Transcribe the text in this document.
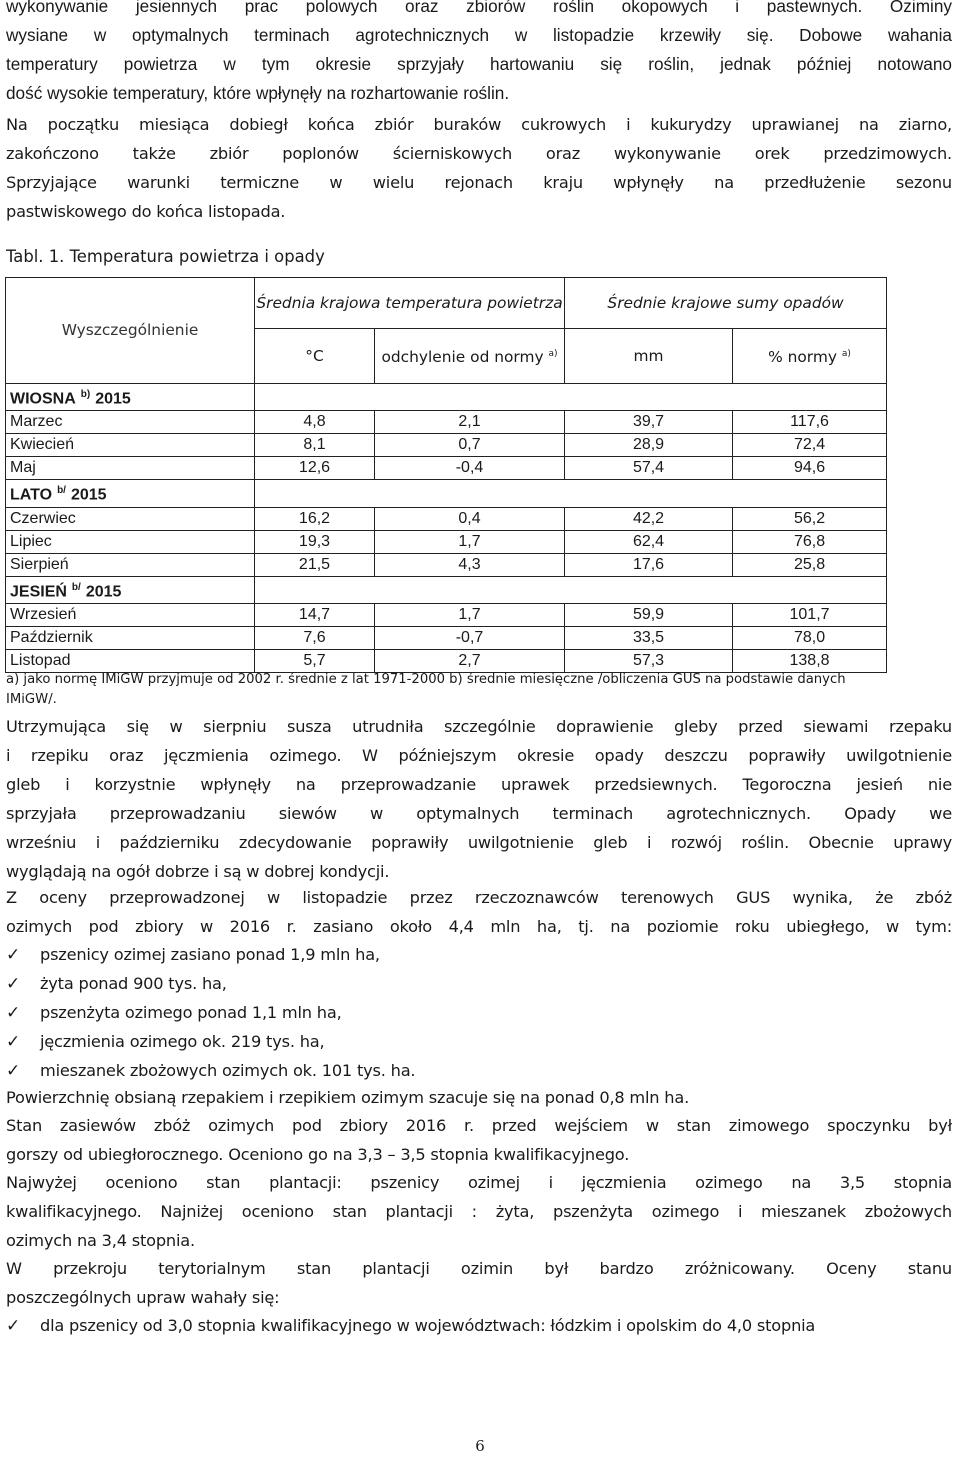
wykonywanie jesiennych prac polowych oraz zbiorów roślin okopowych i pastewnych. Oziminy
wysiane w optymalnych terminach agrotechnicznych w listopadzie krzewiły się. Dobowe wahania
temperatury powietrza w tym okresie sprzyjały hartowaniu się roślin, jednak później notowano
dość wysokie temperatury, które wpłynęły na rozhartowanie roślin.
Na początku miesiąca dobiegł końca zbiór buraków cukrowych i kukurydzy uprawianej na ziarno,
zakończono także zbiór poplonów ścierniskowych oraz wykonywanie orek przedzimowych.
Sprzyjające warunki termiczne w wielu rejonach kraju wpłynęły na przedłużenie sezonu
pastwiskowego do końca listopada.
Tabl. 1. Temperatura powietrza i opady
Wyszczególnienie	Średnia krajowa temperatura powietrza		Średnie krajowe sumy opadów	
	°C	odchylenie od normy $^{a)}$	mm	% normy $^{a)}$
WIOSNA $^{b)}$ 2015				
Marzec	4,8	2,1	39,7	117,6
Kwiecień	8,1	0,7	28,9	72,4
Maj	12,6	-0,4	57,4	94,6
LATO $^{b/}$ 2015				
Czerwiec	16,2	0,4	42,2	56,2
Lipiec	19,3	1,7	62,4	76,8
Sierpień	21,5	4,3	17,6	25,8
JESIEŃ $^{b/}$ 2015				
Wrzesień	14,7	1,7	59,9	101,7
Październik	7,6	-0,7	33,5	78,0
Listopad	5,7	2,7	57,3	138,8
a) jako normę IMiGW przyjmuje od 2002 r. średnie z lat 1971-2000 b) średnie miesięczne /obliczenia GUS na podstawie danych
IMiGW/.
Utrzymująca się w sierpniu susza utrudniła szczególnie doprawienie gleby przed siewami rzepaku
i rzepiku oraz jęczmienia ozimego. W późniejszym okresie opady deszczu poprawiły uwilgotnienie
gleb i korzystnie wpłynęły na przeprowadzanie uprawek przedsiewnych. Tegoroczna jesień nie
sprzyjała przeprowadzaniu siewów w optymalnych terminach agrotechnicznych. Opady we
wrześniu i październiku zdecydowanie poprawiły uwilgotnienie gleb i rozwój roślin. Obecnie uprawy
wyglądają na ogół dobrze i są w dobrej kondycji.
Z oceny przeprowadzonej w listopadzie przez rzeczoznawców terenowych GUS wynika, że zbóż
ozimych pod zbiory w 2016 r. zasiano około 4,4 mln ha, tj. na poziomie roku ubiegłego, w tym:
✓ pszenicy ozimej zasiano ponad 1,9 mln ha,
✓ żyta ponad 900 tys. ha,
✓ pszenżyta ozimego ponad 1,1 mln ha,
✓ jęczmienia ozimego ok. 219 tys. ha,
✓ mieszanek zbożowych ozimych ok. 101 tys. ha.
Powierzchnię obsianą rzepakiem i rzepikiem ozimym szacuje się na ponad 0,8 mln ha.
Stan zasiewów zbóż ozimych pod zbiory 2016 r. przed wejściem w stan zimowego spoczynku był
gorszy od ubiegłorocznego. Oceniono go na 3,3 – 3,5 stopnia kwalifikacyjnego.
Najwyżej oceniono stan plantacji: pszenicy ozimej i jęczmienia ozimego na 3,5 stopnia
kwalifikacyjnego. Najniżej oceniono stan plantacji : żyta, pszenżyta ozimego i mieszanek zbożowych
ozimych na 3,4 stopnia.
W przekroju terytorialnym stan plantacji ozimin był bardzo zróżnicowany. Oceny stanu
poszczególnych upraw wahały się:
✓ dla pszenicy od 3,0 stopnia kwalifikacyjnego w województwach: łódzkim i opolskim do 4,0 stopnia
6
